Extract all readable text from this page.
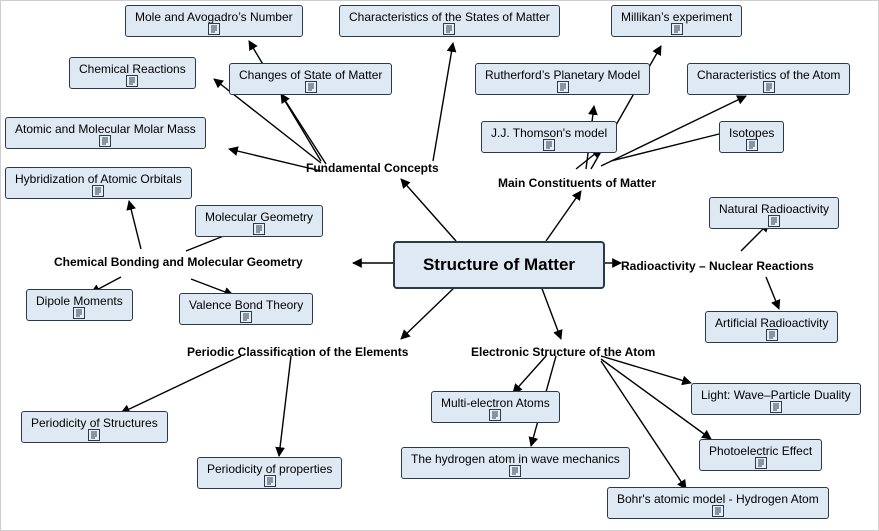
Structure of Matter
Fundamental Concepts
Main Constituents of Matter
Chemical Bonding and Molecular Geometry	Radioactivity – Nuclear Reactions
Periodic Classification of the Elements	Electronic Structure of the Atom
Mole and Avogadro’s Number	Characteristics of the States of Matter	Millikan’s experiment
Chemical Reactions	Changes of State of Matter	Rutherford’s Planetary Model	Characteristics of the Atom
Atomic and Molecular Molar Mass	J.J. Thomson's model	Isotopes
Hybridization of Atomic Orbitals
Molecular Geometry
Natural Radioactivity
Dipole Moments	Valence Bond Theory
Artificial Radioactivity
Periodicity of Structures
Periodicity of properties
Multi-electron Atoms
Light: Wave–Particle Duality
The hydrogen atom in wave mechanics
Photoelectric Effect
Bohr's atomic model - Hydrogen Atom
